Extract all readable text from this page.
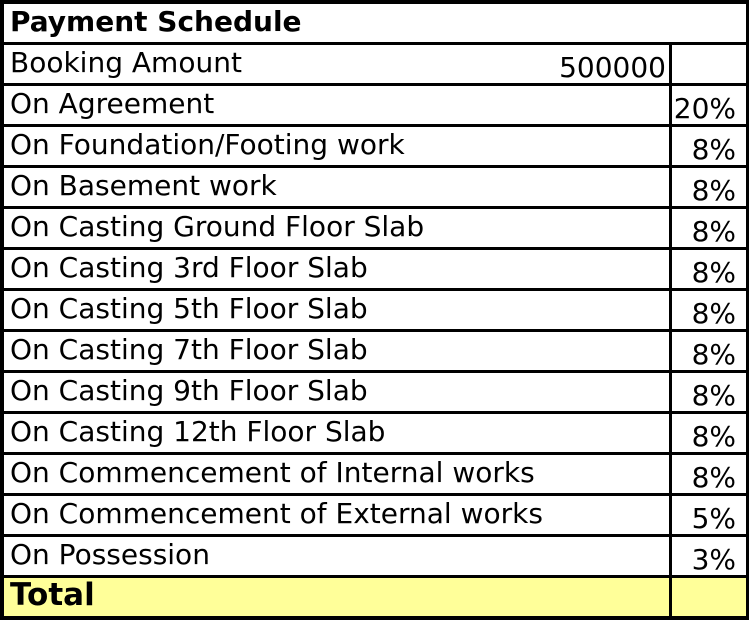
Payment Schedule
Booking Amount	500000
On Agreement	20%
On Foundation/Footing work	8%
On Basement work	8%
On Casting Ground Floor Slab	8%
On Casting 3rd Floor Slab	8%
On Casting 5th Floor Slab	8%
On Casting 7th Floor Slab	8%
On Casting 9th Floor Slab	8%
On Casting 12th Floor Slab	8%
On Commencement of Internal works	8%
On Commencement of External works	5%
On Possession	3%
Total
